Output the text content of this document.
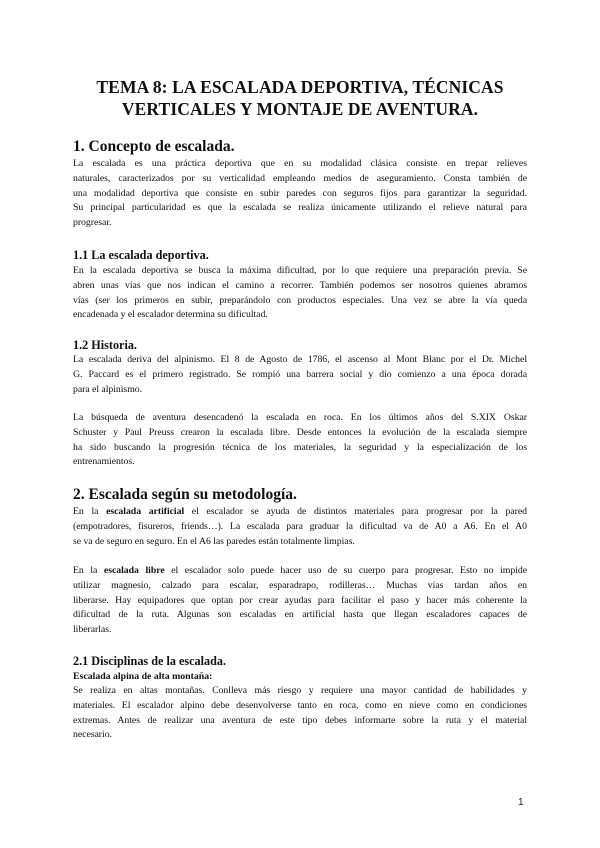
TEMA 8: LA ESCALADA DEPORTIVA, TÉCNICAS
VERTICALES Y MONTAJE DE AVENTURA.
1. Concepto de escalada.
La escalada es una práctica deportiva que en su modalidad clásica consiste en trepar relieves
naturales, caracterizados por su verticalidad empleando medios de aseguramiento. Consta también de
una modalidad deportiva que consiste en subir paredes con seguros fijos para garantizar la seguridad.
Su principal particularidad es que la escalada se realiza únicamente utilizando el relieve natural para
progresar.
1.1 La escalada deportiva.
En la escalada deportiva se busca la máxima dificultad, por lo que requiere una preparación previa. Se
abren unas vías que nos indican el camino a recorrer. También podemos ser nosotros quienes abramos
vías (ser los primeros en subir, preparándolo con productos especiales. Una vez se abre la vía queda
encadenada y el escalador determina su dificultad.
1.2 Historia.
La escalada deriva del alpinismo. El 8 de Agosto de 1786, el ascenso al Mont Blanc por el Dr. Michel
G. Paccard es el primero registrado. Se rompió una barrera social y dio comienzo a una época dorada
para el alpinismo.
La búsqueda de aventura desencadenó la escalada en roca. En los últimos años del S.XIX Oskar
Schuster y Paul Preuss crearon la escalada libre. Desde entonces la evolución de la escalada siempre
ha sido buscando la progresión técnica de los materiales, la seguridad y la especialización de los
entrenamientos.
2. Escalada según su metodología.
En la escalada artificial el escalador se ayuda de distintos materiales para progresar por la pared
(empotradores, fisureros, friends…). La escalada para graduar la dificultad va de A0 a A6. En el A0
se va de seguro en seguro. En el A6 las paredes están totalmente limpias.
En la escalada libre el escalador solo puede hacer uso de su cuerpo para progresar. Esto no impide
utilizar magnesio, calzado para escalar, esparadrapo, rodilleras… Muchas vías tardan años en
liberarse. Hay equipadores que optan por crear ayudas para facilitar el paso y hacer más coherente la
dificultad de la ruta. Algunas son escaladas en artificial hasta que llegan escaladores capaces de
liberarlas.
2.1 Disciplinas de la escalada.
Escalada alpina de alta montaña:
Se realiza en altas montañas. Conlleva más riesgo y requiere una mayor cantidad de habilidades y
materiales. El escalador alpino debe desenvolverse tanto en roca, como en nieve como en condiciones
extremas. Antes de realizar una aventura de este tipo debes informarte sobre la ruta y el material
necesario.
1
